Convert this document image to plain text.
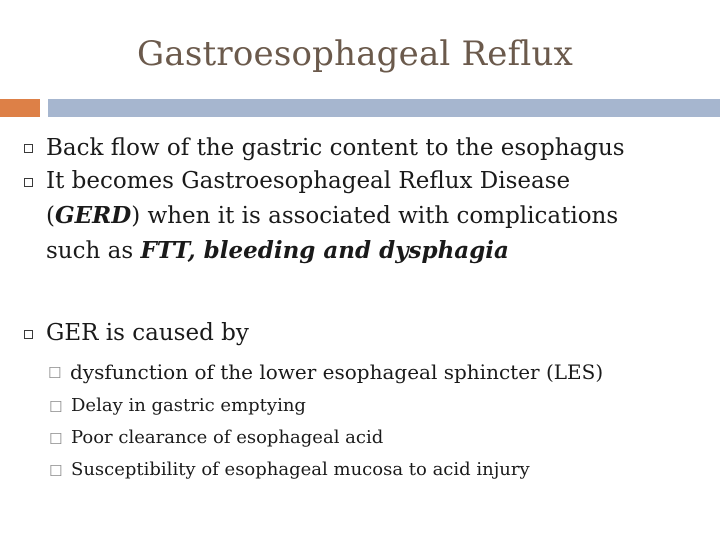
Gastroesophageal Reflux
Back flow of the gastric content to the esophagus
It becomes Gastroesophageal Reflux Disease
(GERD) when it is associated with complications
such as FTT, bleeding and dysphagia
GER is caused by
☐ dysfunction of the lower esophageal sphincter (LES)
☐ Delay in gastric emptying
☐ Poor clearance of esophageal acid
☐ Susceptibility of esophageal mucosa to acid injury
